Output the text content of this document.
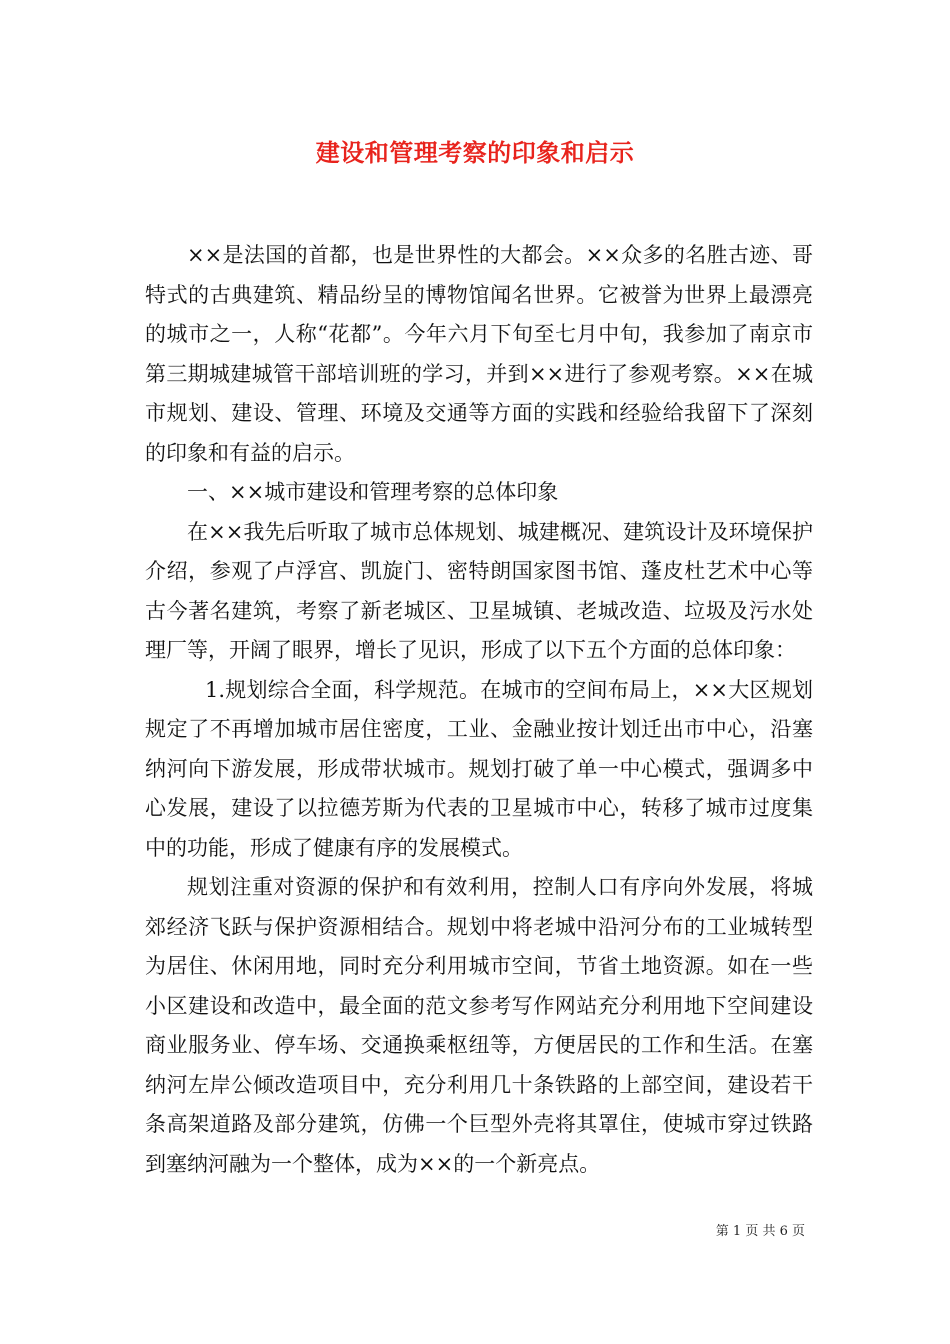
建设和管理考察的印象和启示

××是法国的首都，也是世界性的大都会。××众多的名胜古迹、哥特式的古典建筑、精品纷呈的博物馆闻名世界。它被誉为世界上最漂亮的城市之一，人称“花都”。今年六月下旬至七月中旬，我参加了南京市第三期城建城管干部培训班的学习，并到××进行了参观考察。××在城市规划、建设、管理、环境及交通等方面的实践和经验给我留下了深刻的印象和有益的启示。

一、××城市建设和管理考察的总体印象

在××我先后听取了城市总体规划、城建概况、建筑设计及环境保护介绍，参观了卢浮宫、凯旋门、密特朗国家图书馆、蓬皮杜艺术中心等古今著名建筑，考察了新老城区、卫星城镇、老城改造、垃圾及污水处理厂等，开阔了眼界，增长了见识，形成了以下五个方面的总体印象：

1.规划综合全面，科学规范。在城市的空间布局上，××大区规划规定了不再增加城市居住密度，工业、金融业按计划迁出市中心，沿塞纳河向下游发展，形成带状城市。规划打破了单一中心模式，强调多中心发展，建设了以拉德芳斯为代表的卫星城市中心，转移了城市过度集中的功能，形成了健康有序的发展模式。

规划注重对资源的保护和有效利用，控制人口有序向外发展，将城郊经济飞跃与保护资源相结合。规划中将老城中沿河分布的工业城转型为居住、休闲用地，同时充分利用城市空间，节省土地资源。如在一些小区建设和改造中，最全面的范文参考写作网站充分利用地下空间建设商业服务业、停车场、交通换乘枢纽等，方便居民的工作和生活。在塞纳河左岸公倾改造项目中，充分利用几十条铁路的上部空间，建设若干条高架道路及部分建筑，仿佛一个巨型外壳将其罩住，使城市穿过铁路到塞纳河融为一个整体，成为××的一个新亮点。

第 1 页 共 6 页
